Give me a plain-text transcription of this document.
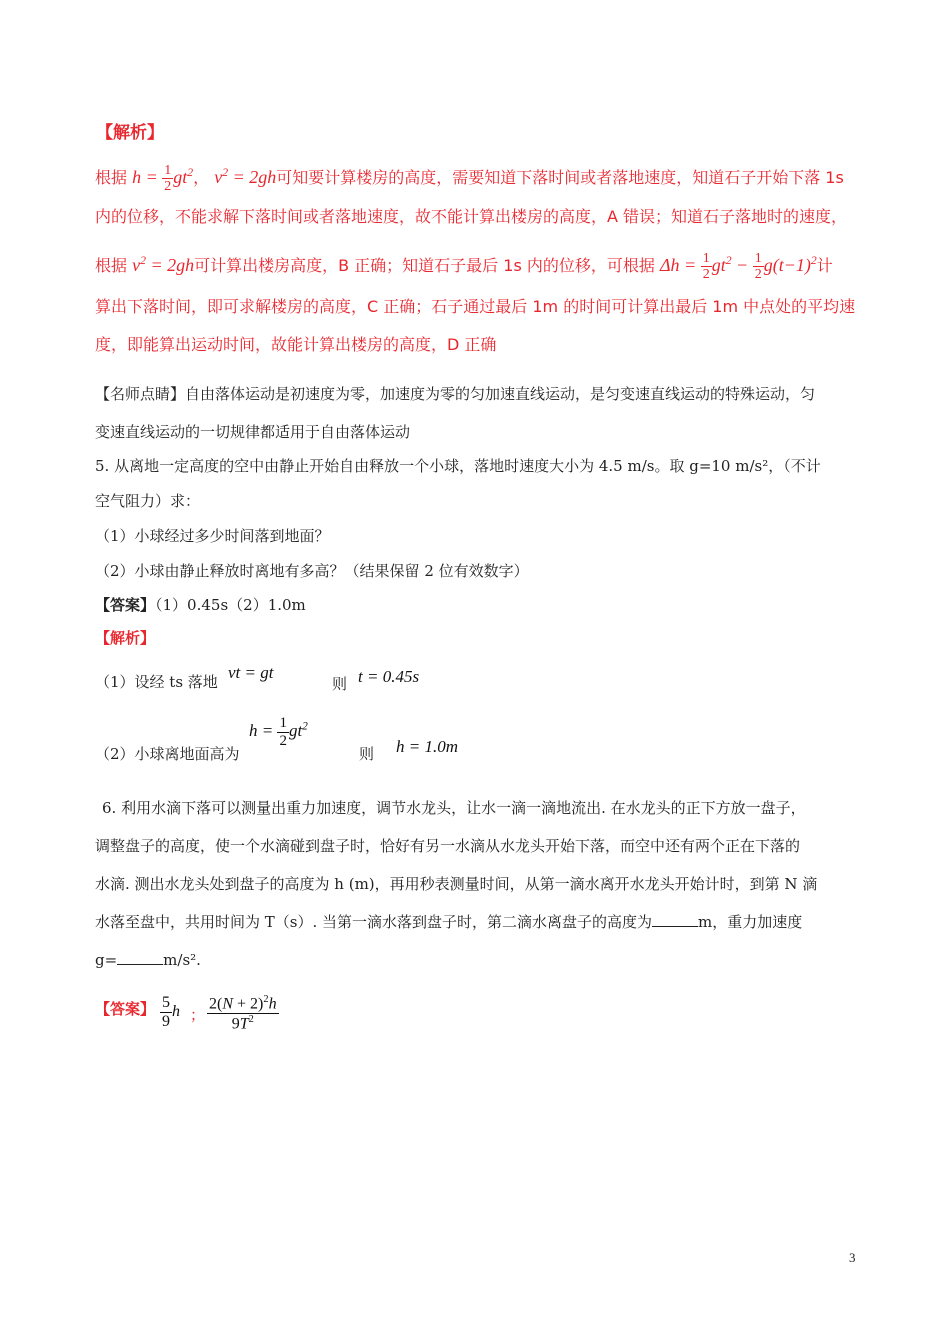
【解析】
根据 $h = \frac{1}{2} gt^2$， $v^2 = 2gh$可知要计算楼房的高度，需要知道下落时间或者落地速度，知道石子开始下落 1s
内的位移，不能求解下落时间或者落地速度，故不能计算出楼房的高度，A 错误；知道石子落地时的速度，
根据 $v^2 = 2gh$可计算出楼房高度，B 正确；知道石子最后 1s 内的位移，可根据 $\Delta h = \frac{1}{2} gt^2 - \frac{1}{2} g(t-1)^2$计
算出下落时间，即可求解楼房的高度，C 正确；石子通过最后 1m 的时间可计算出最后 1m 中点处的平均速
度，即能算出运动时间，故能计算出楼房的高度，D 正确
【名师点睛】自由落体运动是初速度为零，加速度为零的匀加速直线运动，是匀变速直线运动的特殊运动，匀
变速直线运动的一切规律都适用于自由落体运动
5. 从离地一定高度的空中由静止开始自由释放一个小球，落地时速度大小为 4.5 m/s。取 g=10 m/s²，（不计
空气阻力）求：
（1）小球经过多少时间落到地面？
（2）小球由静止释放时离地有多高？（结果保留 2 位有效数字）
【答案】（1）0.45s（2）1.0m
【解析】
（1）设经 ts 落地 vt = gt
则 t = 0.45s
（2）小球离地面高为
$h = \frac{1}{2} gt^2$
则 h = 1.0m
6. 利用水滴下落可以测量出重力加速度，调节水龙头，让水一滴一滴地流出. 在水龙头的正下方放一盘子，
调整盘子的高度，使一个水滴碰到盘子时，恰好有另一水滴从水龙头开始下落，而空中还有两个正在下落的
水滴. 测出水龙头处到盘子的高度为 h (m)，再用秒表测量时间，从第一滴水离开水龙头开始计时，到第 N 滴
水落至盘中，共用时间为 T（s）. 当第一滴水落到盘子时，第二滴水离盘子的高度为	m，重力加速度
g=	m/s².
【答案】 $\frac{5}{9}$ h ； $\frac{2(N + 2)^2h}{9T^2}$
3
